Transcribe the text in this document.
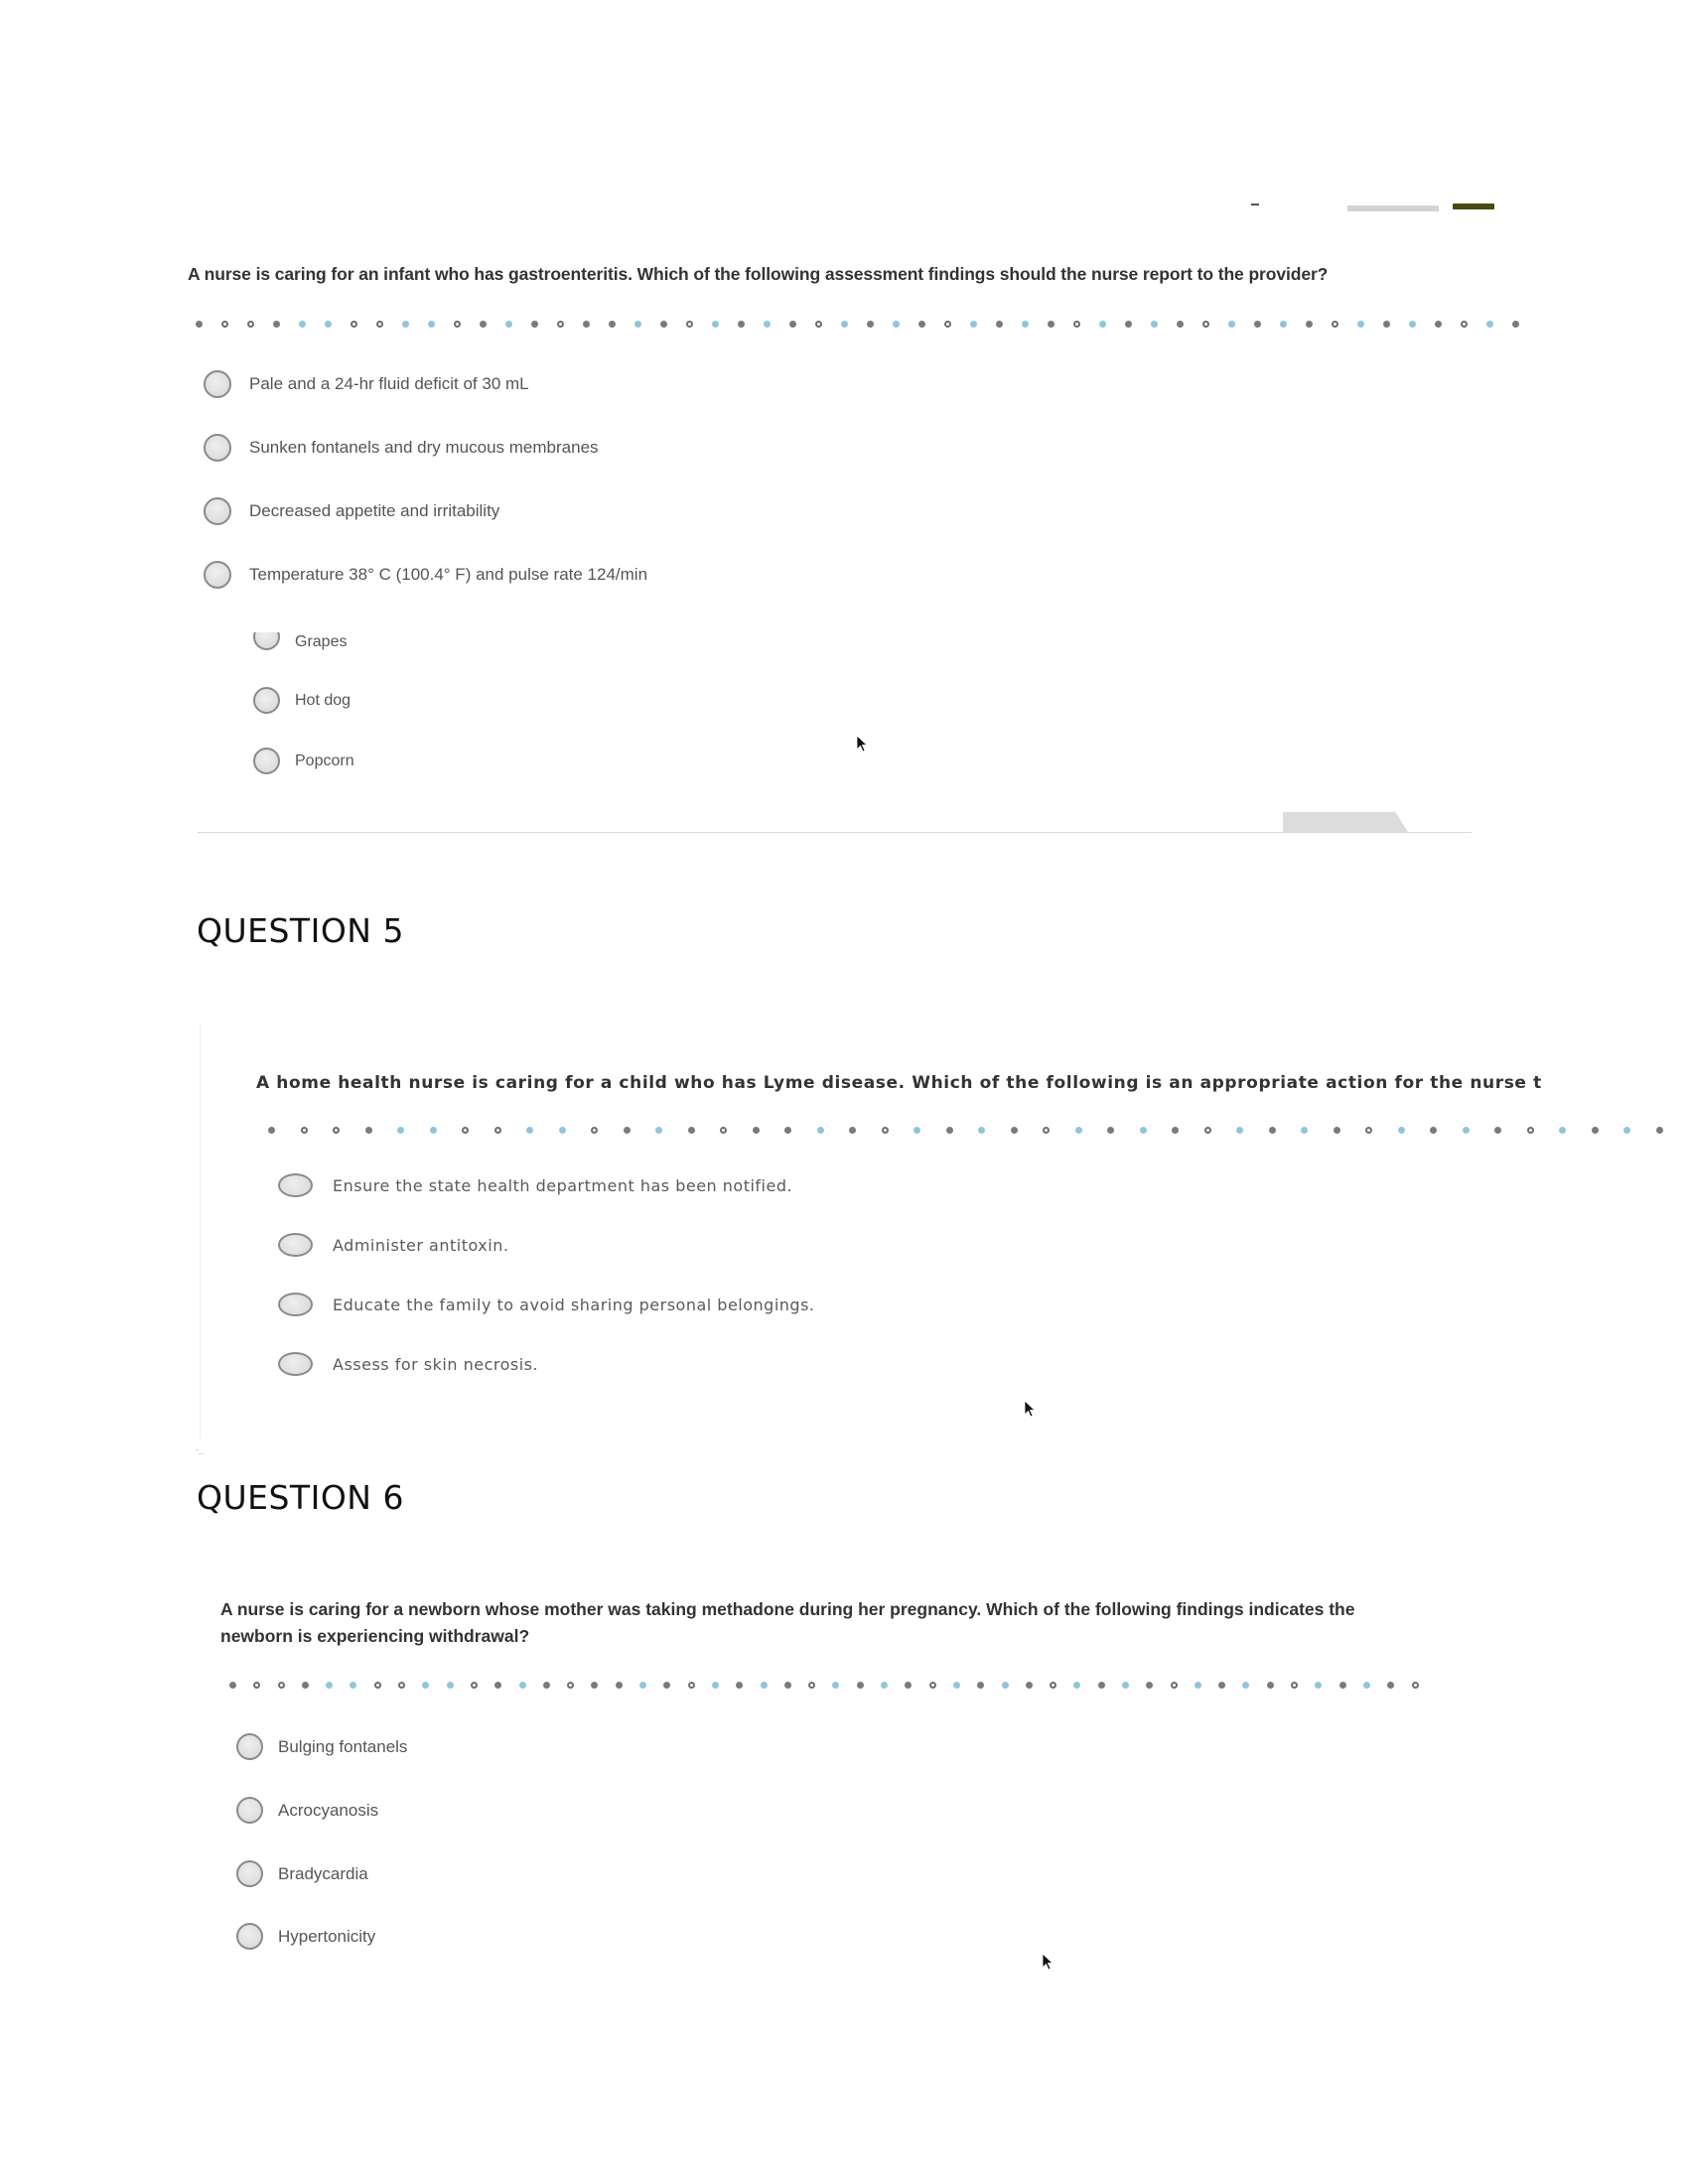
A nurse is caring for an infant who has gastroenteritis. Which of the following assessment findings should the nurse report to the provider?
Pale and a 24-hr fluid deficit of 30 mL
Sunken fontanels and dry mucous membranes
Decreased appetite and irritability
Temperature 38° C (100.4° F) and pulse rate 124/min
Grapes
Hot dog
Popcorn
QUESTION 5
A home health nurse is caring for a child who has Lyme disease. Which of the following is an appropriate action for the nurse t
Ensure the state health department has been notified.
Administer antitoxin.
Educate the family to avoid sharing personal belongings.
Assess for skin necrosis.
'...
QUESTION 6
A nurse is caring for a newborn whose mother was taking methadone during her pregnancy. Which of the following findings indicates the newborn is experiencing withdrawal?
Bulging fontanels
Acrocyanosis
Bradycardia
Hypertonicity
